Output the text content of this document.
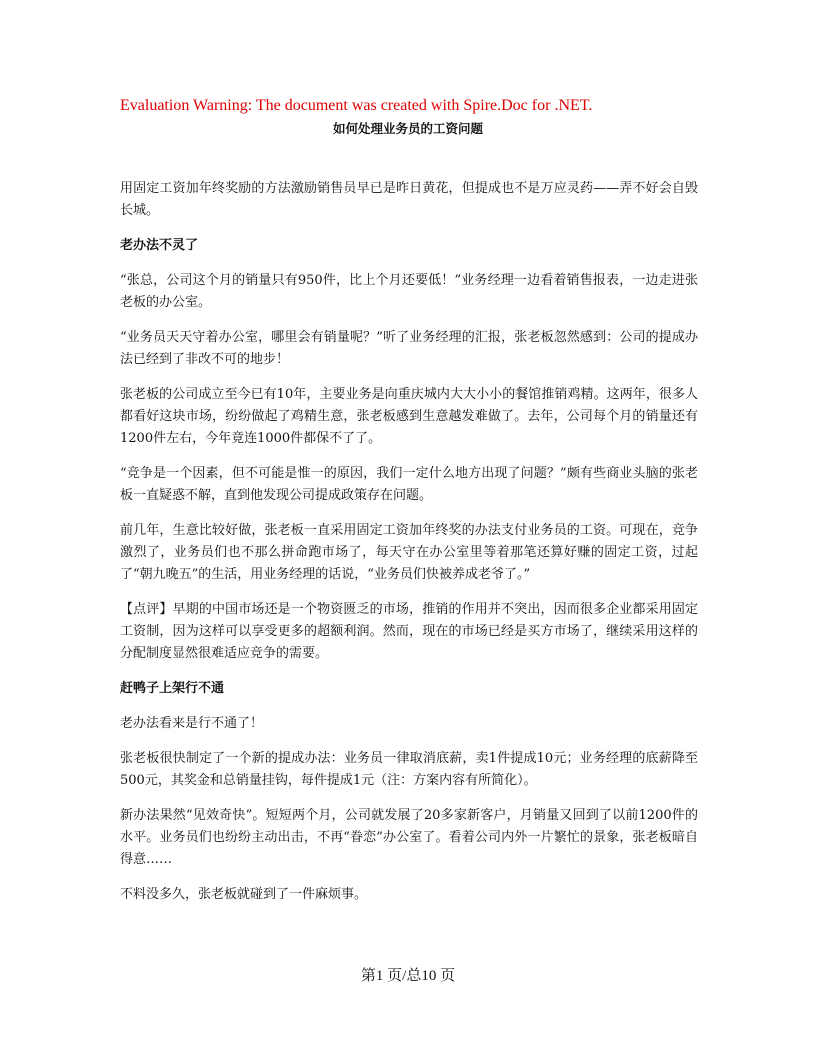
Evaluation Warning: The document was created with Spire.Doc for .NET.
如何处理业务员的工资问题

用固定工资加年终奖励的方法激励销售员早已是昨日黄花，但提成也不是万应灵药——弄不好会自毁长城。

老办法不灵了

“张总，公司这个月的销量只有950件，比上个月还要低！”业务经理一边看着销售报表，一边走进张老板的办公室。

“业务员天天守着办公室，哪里会有销量呢？”听了业务经理的汇报，张老板忽然感到：公司的提成办法已经到了非改不可的地步！

张老板的公司成立至今已有10年，主要业务是向重庆城内大大小小的餐馆推销鸡精。这两年，很多人都看好这块市场，纷纷做起了鸡精生意，张老板感到生意越发难做了。去年，公司每个月的销量还有1200件左右，今年竟连1000件都保不了了。

“竞争是一个因素，但不可能是惟一的原因，我们一定什么地方出现了问题？”颇有些商业头脑的张老板一直疑惑不解，直到他发现公司提成政策存在问题。

前几年，生意比较好做，张老板一直采用固定工资加年终奖的办法支付业务员的工资。可现在，竞争激烈了，业务员们也不那么拼命跑市场了，每天守在办公室里等着那笔还算好赚的固定工资，过起了“朝九晚五”的生活，用业务经理的话说，“业务员们快被养成老爷了。”

【点评】早期的中国市场还是一个物资匮乏的市场，推销的作用并不突出，因而很多企业都采用固定工资制，因为这样可以享受更多的超额利润。然而，现在的市场已经是买方市场了，继续采用这样的分配制度显然很难适应竞争的需要。

赶鸭子上架行不通

老办法看来是行不通了！

张老板很快制定了一个新的提成办法：业务员一律取消底薪，卖1件提成10元；业务经理的底薪降至500元，其奖金和总销量挂钩，每件提成1元（注：方案内容有所简化）。

新办法果然“见效奇快”。短短两个月，公司就发展了20多家新客户，月销量又回到了以前1200件的水平。业务员们也纷纷主动出击，不再“眷恋”办公室了。看着公司内外一片繁忙的景象，张老板暗自得意……

不料没多久，张老板就碰到了一件麻烦事。

第1 页/总10 页
